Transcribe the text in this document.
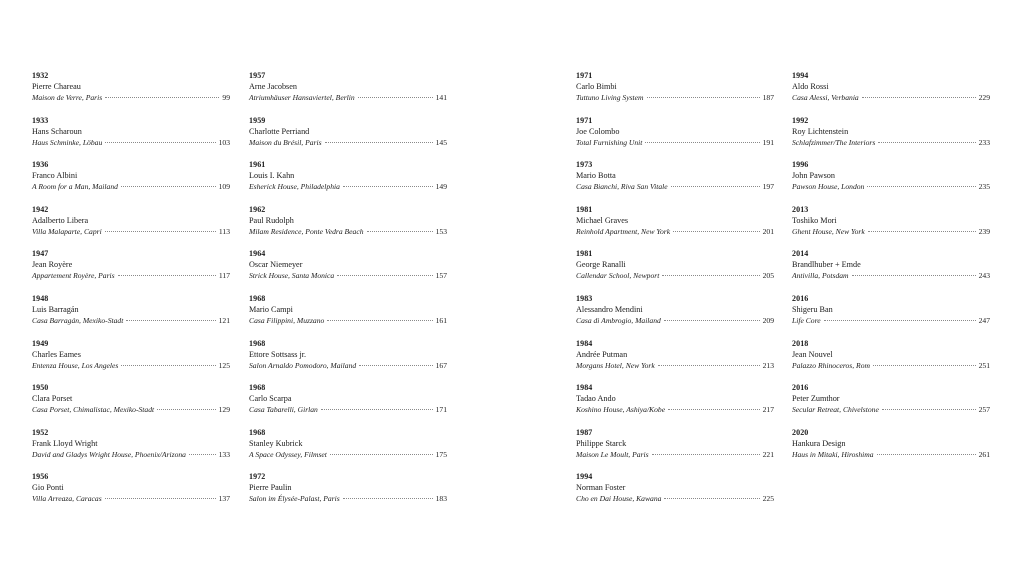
1932
Pierre Chareau
Maison de Verre, Paris	99
1933
Hans Scharoun
Haus Schminke, Löbau	103
1936
Franco Albini
A Room for a Man, Mailand	109
1942
Adalberto Libera
Villa Malaparte, Capri	113
1947
Jean Royère
Appartement Royère, Paris	117
1948
Luis Barragán
Casa Barragán, Mexiko-Stadt	121
1949
Charles Eames
Entenza House, Los Angeles	125
1950
Clara Porset
Casa Porset, Chimalistac, Mexiko-Stadt	129
1952
Frank Lloyd Wright
David and Gladys Wright House, Phoenix/Arizona	133
1956
Gio Ponti
Villa Arreaza, Caracas	137
1957
Arne Jacobsen
Atriumhäuser Hansaviertel, Berlin	141
1959
Charlotte Perriand
Maison du Brésil, Paris	145
1961
Louis I. Kahn
Esherick House, Philadelphia	149
1962
Paul Rudolph
Milam Residence, Ponte Vedra Beach	153
1964
Oscar Niemeyer
Strick House, Santa Monica	157
1968
Mario Campi
Casa Filippini, Muzzano	161
1968
Ettore Sottsass jr.
Salon Arnaldo Pomodoro, Mailand	167
1968
Carlo Scarpa
Casa Tabarelli, Girlan	171
1968
Stanley Kubrick
A Space Odyssey, Filmset	175
1972
Pierre Paulin
Salon im Élysée-Palast, Paris	183
1971
Carlo Bimbi
Tuttuno Living System	187
1971
Joe Colombo
Total Furnishing Unit	191
1973
Mario Botta
Casa Bianchi, Riva San Vitale	197
1981
Michael Graves
Reinhold Apartment, New York	201
1981
George Ranalli
Callendar School, Newport	205
1983
Alessandro Mendini
Casa di Ambrogio, Mailand	209
1984
Andrée Putman
Morgans Hotel, New York	213
1984
Tadao Ando
Koshino House, Ashiya/Kobe	217
1987
Philippe Starck
Maison Le Moult, Paris	221
1994
Norman Foster
Cho en Dai House, Kawana	225
1994
Aldo Rossi
Casa Alessi, Verbania	229
1992
Roy Lichtenstein
Schlafzimmer/The Interiors	233
1996
John Pawson
Pawson House, London	235
2013
Toshiko Mori
Ghent House, New York	239
2014
Brandlhuber + Emde
Antivilla, Potsdam	243
2016
Shigeru Ban
Life Core	247
2018
Jean Nouvel
Palazzo Rhinoceros, Rom	251
2016
Peter Zumthor
Secular Retreat, Chivelstone	257
2020
Hankura Design
Haus in Mitaki, Hiroshima	261
